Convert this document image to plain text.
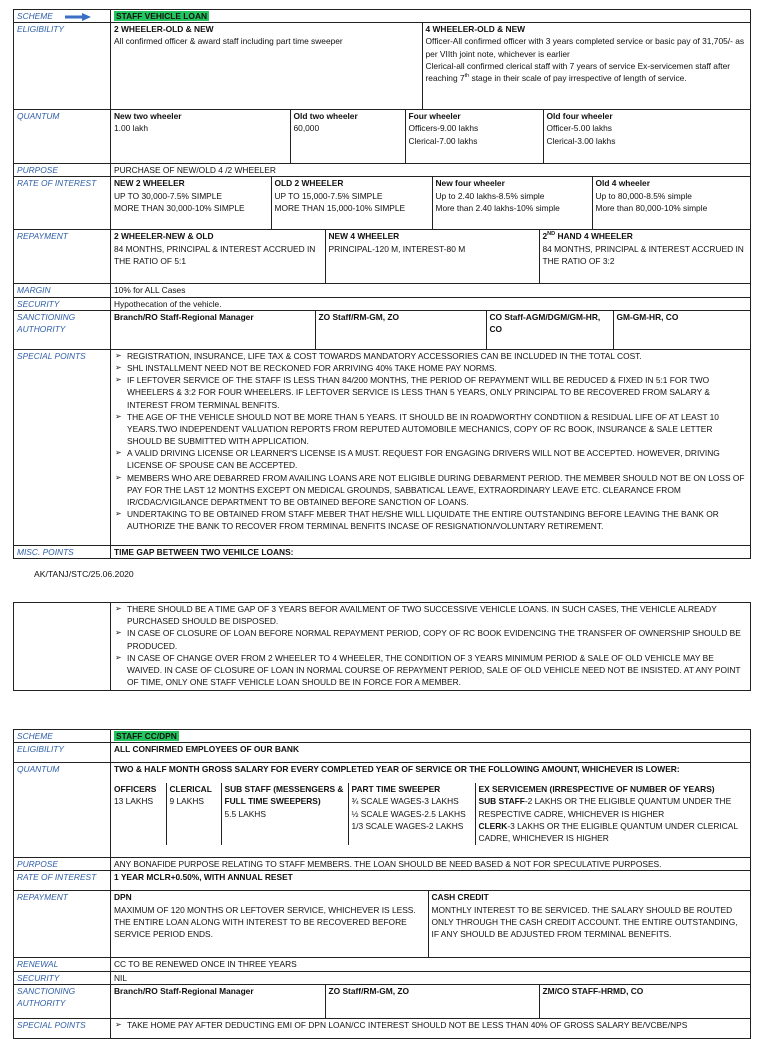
SCHEME	STAFF VEHICLE LOAN
ELIGIBILITY		2 WHEELER-OLD & NEW
All confirmed officer & award staff including part time sweeper

4 WHEELER-OLD & NEW
Officer-All confirmed officer with 3 years completed service or basic pay of 31,705/- as per VIIth joint note, whichever is earlier
Clerical-all confirmed clerical staff with 7 years of service Ex-servicemen staff after reaching 7th stage in their scale of pay irrespective of length of service.

QUANTUM		New two wheeler
1.00 lakh

Old two wheeler
60,000

Four wheeler
Officers-9.00 lakhs
Clerical-7.00 lakhs

Old four wheeler
Officer-5.00 lakhs
Clerical-3.00 lakhs

PURPOSE	PURCHASE OF NEW/OLD 4 /2 WHEELER
RATE OF INTEREST	NEW 2 WHEELER
UP TO 30,000-7.5% SIMPLE
MORE THAN 30,000-10% SIMPLE

OLD 2 WHEELER
UP TO 15,000-7.5% SIMPLE
MORE THAN 15,000-10% SIMPLE

New four wheeler
Up to 2.40 lakhs-8.5% simple
More than 2.40 lakhs-10% simple

Old 4 wheeler
Up to 80,000-8.5% simple
More than 80,000-10% simple

REPAYMENT		2 WHEELER-NEW & OLD
84 MONTHS, PRINCIPAL & INTEREST ACCRUED IN THE RATIO OF 5:1

NEW 4 WHEELER
PRINCIPAL-120 M, INTEREST-80 M

2ND HAND 4 WHEELER
84 MONTHS, PRINCIPAL & INTEREST ACCRUED IN THE RATIO OF 3:2

MARGIN	10% for ALL Cases
SECURITY	Hypothecation of the vehicle.
SANCTIONING AUTHORITY	
Branch/RO Staff-Regional Manager	ZO Staff/RM-GM, ZO	CO Staff-AGM/DGM/GM-HR, CO	GM-GM-HR, CO

SPECIAL POINTS	
➢REGISTRATION, INSURANCE, LIFE TAX & COST TOWARDS MANDATORY ACCESSORIES CAN BE INCLUDED IN THE TOTAL COST.
➢ SHL INSTALLMENT NEED NOT BE RECKONED FOR ARRIVING 40% TAKE HOME PAY NORMS.
➢ IF LEFTOVER SERVICE OF THE STAFF IS LESS THAN 84/200 MONTHS, THE PERIOD OF REPAYMENT WILL BE REDUCED & FIXED IN 5:1 FOR TWO WHEELERS & 3:2 FOR FOUR WHEELERS. IF LEFTOVER SERVICE IS LESS THAN 5 YEARS, ONLY PRINCIPAL TO BE RECOVERED FROM SALARY & INTEREST FROM TERMINAL BENFITS.
➢ THE AGE OF THE VEHICLE SHOULD NOT BE MORE THAN 5 YEARS. IT SHOULD BE IN ROADWORTHY CONDTIION & RESIDUAL LIFE OF AT LEAST 10 YEARS.TWO INDEPENDENT VALUATION REPORTS FROM REPUTED AUTOMOBILE MECHANICS, COPY OF RC BOOK, INSURANCE & SALE LETTER SHOULD BE SUBMITTED WITH APPLICATION.
➢ A VALID DRIVING LICENSE OR LEARNER'S LICENSE IS A MUST. REQUEST FOR ENGAGING DRIVERS WILL NOT BE ACCEPTED. HOWEVER, DRIVING LICENSE OF SPOUSE CAN BE ACCEPTED.
➢ MEMBERS WHO ARE DEBARRED FROM AVAILING LOANS ARE NOT ELIGIBLE DURING DEBARMENT PERIOD. THE MEMBER SHOULD NOT BE ON LOSS OF PAY FOR THE LAST 12 MONTHS EXCEPT ON MEDICAL GROUNDS, SABBATICAL LEAVE, EXTRAORDINARY LEAVE ETC. CLEARANCE FROM IR/CDAC/VIGILANCE DEPARTMENT TO BE OBTAINED BEFORE SANCTION OF LOANS.
➢ UNDERTAKING TO BE OBTAINED FROM STAFF MEBER THAT HE/SHE WILL LIQUIDATE THE ENTIRE OUTSTANDING BEFORE LEAVING THE BANK OR AUTHORIZE THE BANK TO RECOVER FROM TERMINAL BENFITS INCASE OF RESIGNATION/VOLUNTARY RETIREMENT.

MISC. POINTS	TIME GAP BETWEEN TWO VEHILCE LOANS:
AK/TANJ/STC/25.06.2020

➢ THERE SHOULD BE A TIME GAP OF 3 YEARS BEFOR AVAILMENT OF TWO SUCCESSIVE VEHICLE LOANS. IN SUCH CASES, THE VEHICLE ALREADY PURCHASED SHOULD BE DISPOSED.
➢ IN CASE OF CLOSURE OF LOAN BEFORE NORMAL REPAYMENT PERIOD, COPY OF RC BOOK EVIDENCING THE TRANSFER OF OWNERSHIP SHOULD BE PRODUCED.
➢ IN CASE OF CHANGE OVER FROM 2 WHEELER TO 4 WHEELER, THE CONDITION OF 3 YEARS MINIMUM PERIOD & SALE OF OLD VEHICLE MAY BE WAIVED. IN CASE OF CLOSURE OF LOAN IN NORMAL COURSE OF REPAYMENT PERIOD, SALE OF OLD VEHICLE NEED NOT BE INSISTED. AT ANY POINT OF TIME, ONLY ONE STAFF VEHICLE LOAN SHOULD BE IN FORCE FOR A MEMBER.
SCHEME	STAFF CC/DPN
ELIGIBILITY	ALL CONFIRMED EMPLOYEES OF OUR BANK
QUANTUM	TWO & HALF MONTH GROSS SALARY FOR EVERY COMPLETED YEAR OF SERVICE OR THE FOLLOWING AMOUNT, WHICHEVER IS LOWER:
OFFICERS
13 LAKHS

CLERICAL
9 LAKHS

SUB STAFF (MESSENGERS & FULL TIME SWEEPERS)
5.5 LAKHS

PART TIME SWEEPER
¾ SCALE WAGES-3 LAKHS
½ SCALE WAGES-2.5 LAKHS
1/3 SCALE WAGES-2 LAKHS

EX SERVICEMEN (IRRESPECTIVE OF NUMBER OF YEARS)
SUB STAFF-2 LAKHS OR THE ELIGIBLE QUANTUM UNDER THE RESPECTIVE CADRE, WHICHEVER IS HIGHER
CLERK-3 LAKHS OR THE ELIGIBLE QUANTUM UNDER CLERICAL CADRE, WHICHEVER IS HIGHER

PURPOSE	ANY BONAFIDE PURPOSE RELATING TO STAFF MEMBERS. THE LOAN SHOULD BE NEED BASED & NOT FOR SPECULATIVE PURPOSES.
RATE OF INTEREST	1 YEAR MCLR+0.50%, WITH ANNUAL RESET
REPAYMENT		DPN
MAXIMUM OF 120 MONTHS OR LEFTOVER SERVICE, WHICHEVER IS LESS. THE ENTIRE LOAN ALONG WITH INTEREST TO BE RECOVERED BEFORE SERVICE PERIOD ENDS.

CASH CREDIT
MONTHLY INTEREST TO BE SERVICED. THE SALARY SHOULD BE ROUTED ONLY THROUGH THE CASH CREDIT ACCOUNT. THE ENTIRE OUTSTANDING, IF ANY SHOULD BE ADJUSTED FROM TERMINAL BENEFITS.

RENEWAL	CC TO BE RENEWED ONCE IN THREE YEARS
SECURITY	NIL
SANCTIONING AUTHORITY	
Branch/RO Staff-Regional Manager	ZO Staff/RM-GM, ZO	ZM/CO STAFF-HRMD, CO

SPECIAL POINTS	
➢TAKE HOME PAY AFTER DEDUCTING EMI OF DPN LOAN/CC INTEREST SHOULD NOT BE LESS THAN 40% OF GROSS SALARY BE/VCBE/NPS
